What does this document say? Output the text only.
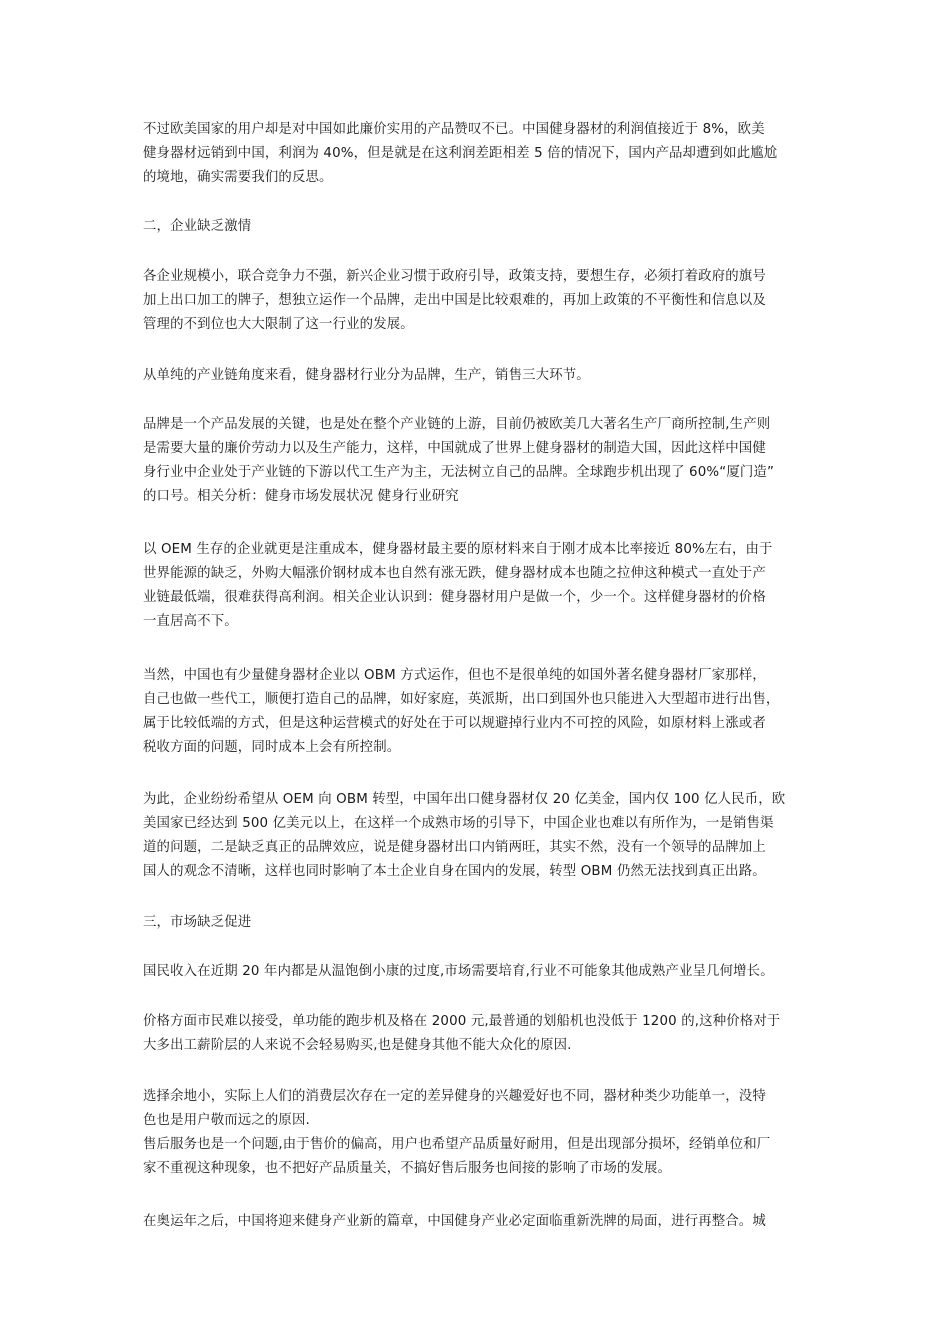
不过欧美国家的用户却是对中国如此廉价实用的产品赞叹不已。中国健身器材的利润值接近于 8%，欧美
健身器材远销到中国，利润为 40%，但是就是在这利润差距相差 5 倍的情况下，国内产品却遭到如此尴尬
的境地，确实需要我们的反思。
二，企业缺乏激情
各企业规模小，联合竞争力不强，新兴企业习惯于政府引导，政策支持，要想生存，必须打着政府的旗号
加上出口加工的牌子，想独立运作一个品牌，走出中国是比较艰难的，再加上政策的不平衡性和信息以及
管理的不到位也大大限制了这一行业的发展。
从单纯的产业链角度来看，健身器材行业分为品牌，生产，销售三大环节。
品牌是一个产品发展的关键，也是处在整个产业链的上游，目前仍被欧美几大著名生产厂商所控制,生产则
是需要大量的廉价劳动力以及生产能力，这样，中国就成了世界上健身器材的制造大国，因此这样中国健
身行业中企业处于产业链的下游以代工生产为主，无法树立自己的品牌。全球跑步机出现了 60%“厦门造”
的口号。相关分析：健身市场发展状况 健身行业研究
以 OEM 生存的企业就更是注重成本，健身器材最主要的原材料来自于刚才成本比率接近 80%左右，由于
世界能源的缺乏，外购大幅涨价钢材成本也自然有涨无跌，健身器材成本也随之拉伸这种模式一直处于产
业链最低端，很难获得高利润。相关企业认识到：健身器材用户是做一个，少一个。这样健身器材的价格
一直居高不下。
当然，中国也有少量健身器材企业以 OBM 方式运作，但也不是很单纯的如国外著名健身器材厂家那样，
自己也做一些代工，顺便打造自己的品牌，如好家庭，英派斯，出口到国外也只能进入大型超市进行出售，
属于比较低端的方式，但是这种运营模式的好处在于可以规避掉行业内不可控的风险，如原材料上涨或者
税收方面的问题，同时成本上会有所控制。
为此，企业纷纷希望从 OEM 向 OBM 转型，中国年出口健身器材仅 20 亿美金，国内仅 100 亿人民币，欧
美国家已经达到 500 亿美元以上，在这样一个成熟市场的引导下，中国企业也难以有所作为，一是销售渠
道的问题，二是缺乏真正的品牌效应，说是健身器材出口内销两旺，其实不然，没有一个领导的品牌加上
国人的观念不清晰，这样也同时影响了本土企业自身在国内的发展，转型 OBM 仍然无法找到真正出路。
三，市场缺乏促进
国民收入在近期 20 年内都是从温饱倒小康的过度,市场需要培育,行业不可能象其他成熟产业呈几何增长。
价格方面市民难以接受，单功能的跑步机及格在 2000 元,最普通的划船机也没低于 1200 的,这种价格对于
大多出工薪阶层的人来说不会轻易购买,也是健身其他不能大众化的原因.
选择余地小，实际上人们的消费层次存在一定的差异健身的兴趣爱好也不同，器材种类少功能单一，没特
色也是用户敬而远之的原因.
售后服务也是一个问题,由于售价的偏高，用户也希望产品质量好耐用，但是出现部分损坏，经销单位和厂
家不重视这种现象，也不把好产品质量关，不搞好售后服务也间接的影响了市场的发展。
在奥运年之后，中国将迎来健身产业新的篇章，中国健身产业必定面临重新洗牌的局面，进行再整合。城
